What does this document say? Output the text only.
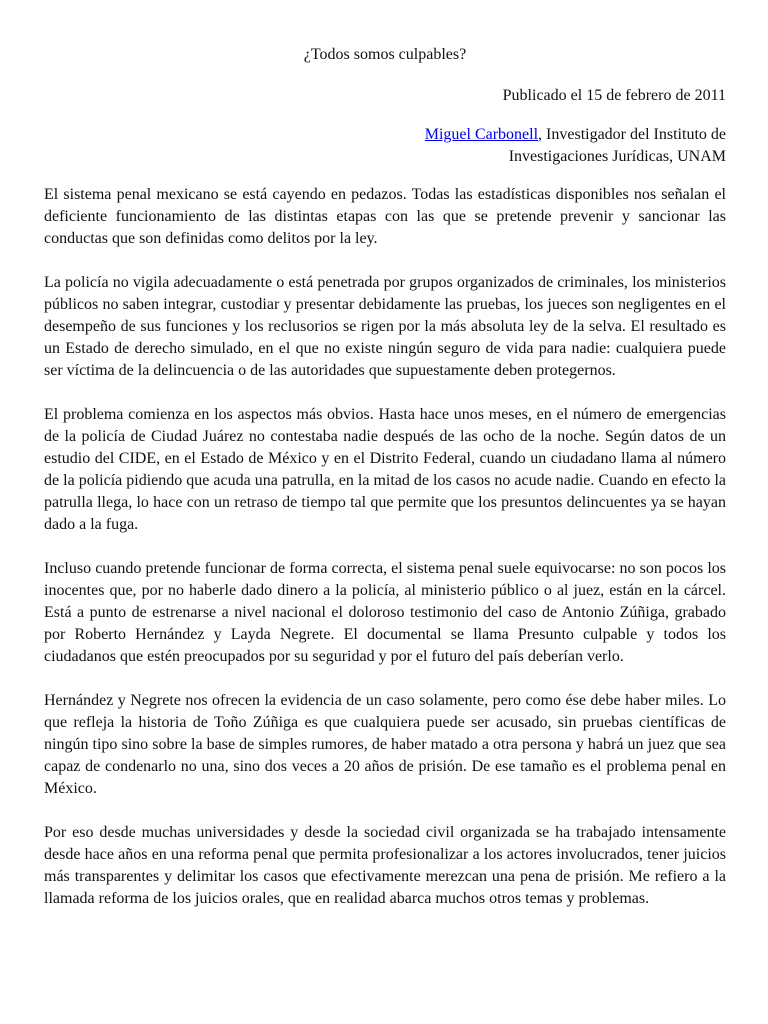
¿Todos somos culpables?
Publicado el 15 de febrero de 2011
Miguel Carbonell, Investigador del Instituto de
Investigaciones Jurídicas, UNAM

El sistema penal mexicano se está cayendo en pedazos. Todas las estadísticas disponibles nos señalan el deficiente funcionamiento de las distintas etapas con las que se pretende prevenir y sancionar las conductas que son definidas como delitos por la ley.

La policía no vigila adecuadamente o está penetrada por grupos organizados de criminales, los ministerios públicos no saben integrar, custodiar y presentar debidamente las pruebas, los jueces son negligentes en el desempeño de sus funciones y los reclusorios se rigen por la más absoluta ley de la selva. El resultado es un Estado de derecho simulado, en el que no existe ningún seguro de vida para nadie: cualquiera puede ser víctima de la delincuencia o de las autoridades que supuestamente deben protegernos.

El problema comienza en los aspectos más obvios. Hasta hace unos meses, en el número de emergencias de la policía de Ciudad Juárez no contestaba nadie después de las ocho de la noche. Según datos de un estudio del CIDE, en el Estado de México y en el Distrito Federal, cuando un ciudadano llama al número de la policía pidiendo que acuda una patrulla, en la mitad de los casos no acude nadie. Cuando en efecto la patrulla llega, lo hace con un retraso de tiempo tal que permite que los presuntos delincuentes ya se hayan dado a la fuga.

Incluso cuando pretende funcionar de forma correcta, el sistema penal suele equivocarse: no son pocos los inocentes que, por no haberle dado dinero a la policía, al ministerio público o al juez, están en la cárcel. Está a punto de estrenarse a nivel nacional el doloroso testimonio del caso de Antonio Zúñiga, grabado por Roberto Hernández y Layda Negrete. El documental se llama Presunto culpable y todos los ciudadanos que estén preocupados por su seguridad y por el futuro del país deberían verlo.

Hernández y Negrete nos ofrecen la evidencia de un caso solamente, pero como ése debe haber miles. Lo que refleja la historia de Toño Zúñiga es que cualquiera puede ser acusado, sin pruebas científicas de ningún tipo sino sobre la base de simples rumores, de haber matado a otra persona y habrá un juez que sea capaz de condenarlo no una, sino dos veces a 20 años de prisión. De ese tamaño es el problema penal en México.

Por eso desde muchas universidades y desde la sociedad civil organizada se ha trabajado intensamente desde hace años en una reforma penal que permita profesionalizar a los actores involucrados, tener juicios más transparentes y delimitar los casos que efectivamente merezcan una pena de prisión. Me refiero a la llamada reforma de los juicios orales, que en realidad abarca muchos otros temas y problemas.
